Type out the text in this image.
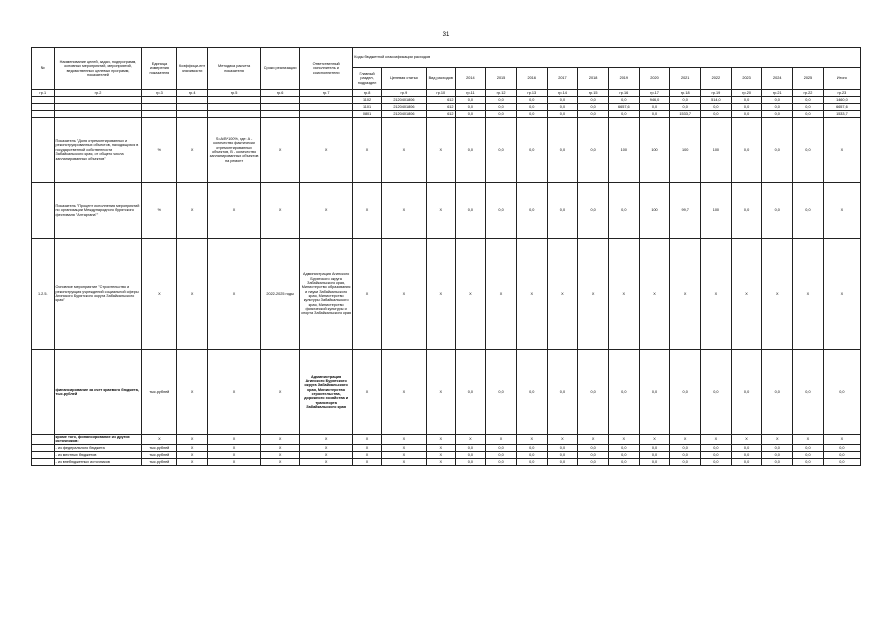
31
№	Наименование целей, задач, подпрограмм, основных мероприятий, мероприятий, ведомственных целевых программ, показателей	Единица измерения показателя	Коэффици-ент значимости	Методика расчета показателя	Сроки реализации	Ответственный исполнитель и соисполнители	Коды бюджетной классификации расходов															
							Главный раздел, подраздел	Целевая статья	Вид расходов	2014	2015	2016	2017	2018	2019	2020	2021	2022	2023	2024	2025	Итого
гр.1	гр.2	гр.3	гр.4	гр.5	гр.6	гр.7	гр.8	гр.9	гр.10	гр.11	гр.12	гр.13	гр.14	гр.15	гр.16	гр.17	гр.18	гр.19	гр.20	гр.21	гр.22	гр.23
							1102	2120401806	612	0,0	0,0	0,0	0,0	0,0	0,0	946,0	0,0	514,0	0,0	0,0	0,0	1460,0
							1101	2120401806	612	0,0	0,0	0,0	0,0	0,0	6657,6	0,0	0,0	0,0	0,0	0,0	0,0	6657,6
							0801	2120401806	612	0,0	0,0	0,0	0,0	0,0	0,0	0,0	1533,7	0,0	0,0	0,0	0,0	1533,7
	Показатель "Доля отремонтированных и реконструированных объектов, находящихся в государственной собственности Забайкальского края, от общего числа запланированных объектов"	%	X	S=A/B*100%, где: A - количество фактически отремонтированных объектов, B - количество запланированных объектов на ремонт	X	X	X	X	X	0,0	0,0	0,0	0,0	0,0	100	100	100	100	0,0	0,0	0,0	X
	Показатель "Процент исполнения мероприятий по организации Международного бурятского фестиваля "Алтаргана""	%	X	X	X	X	X	X	X	0,0	0,0	0,0	0,0	0,0	0,0	100	99,7	100	0,0	0,0	0,0	X
1.2.5.	Основное мероприятие "Строительство и реконструкция учреждений социальной сферы Агинского Бурятского округа Забайкальского края"	X	X	X	2022-2025 годы	Администрация Агинского Бурятского округа Забайкальского края, Министерство образования и науки Забайкальского края, Министерство культуры Забайкальского края, Министерство физической культуры и спорта Забайкальского края	X	X	X	X	X	X	X	X	X	X	X	X	X	X	X	X
	финансирование за счет краевого бюджета, тыс.рублей	тыс.рублей	X	X	X	Администрация Агинского Бурятского округа Забайкальского края, Министерство строительства, дорожного хозяйства и транспорта Забайкальского края	X	X	X	0,0	0,0	0,0	0,0	0,0	0,0	0,0	0,0	0,0	0,0	0,0	0,0	0,0
	кроме того, финансирование из других источников:	X	X	X	X	X	X	X	X	X	X	X	X	X	X	X	X	X	X	X	X	X
	- из федерального бюджета	тыс.рублей	X	X	X	X	X	X	X	0,0	0,0	0,0	0,0	0,0	0,0	0,0	0,0	0,0	0,0	0,0	0,0	0,0
	- из местных бюджетов	тыс.рублей	X	X	X	X	X	X	X	0,0	0,0	0,0	0,0	0,0	0,0	0,0	0,0	0,0	0,0	0,0	0,0	0,0
	- из внебюджетных источников	тыс.рублей	X	X	X	X	X	X	X	0,0	0,0	0,0	0,0	0,0	0,0	0,0	0,0	0,0	0,0	0,0	0,0	0,0
